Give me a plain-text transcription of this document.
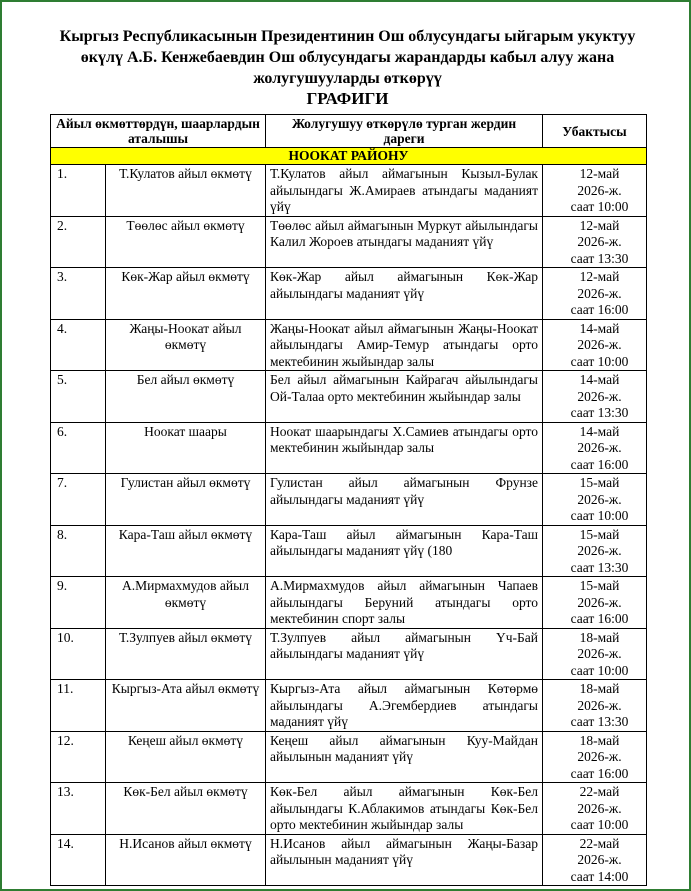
Кыргыз Республикасынын Президентинин Ош облусундагы ыйгарым укуктуу
өкүлү А.Б. Кенжебаевдин Ош облусундагы жарандарды кабыл алуу жана
жолугушууларды өткөрүү
ГРАФИГИ
Айыл өкмөттөрдүн, шаарлардын аталышы		Жолугушуу өткөрүлө турган жердин дареги	Убактысы
НООКАТ РАЙОНУ			
1.	Т.Кулатов айыл өкмөтү	Т.Кулатов айыл аймагынын Кызыл-Булак айылындагы Ж.Амираев атындагы маданият үйү	12-май
2026-ж.
саат 10:00

2.	Төөлөс айыл өкмөтү	Төөлөс айыл аймагынын Муркут айылындагы Калил Жороев атындагы маданият үйү	12-май
2026-ж.
саат 13:30

3.	Көк-Жар айыл өкмөтү	Көк-Жар айыл аймагынын Көк-Жар айылындагы маданият үйү	12-май
2026-ж.
саат 16:00

4.	Жаңы-Ноокат айыл өкмөтү	Жаңы-Ноокат айыл аймагынын Жаңы-Ноокат айылындагы Амир-Темур атындагы орто мектебинин жыйындар залы	14-май
2026-ж.
саат 10:00

5.	Бел айыл өкмөтү	Бел айыл аймагынын Кайрагач айылындагы Ой-Талаа орто мектебинин жыйындар залы	14-май
2026-ж.
саат 13:30

6.	Ноокат шаары	Ноокат шаарындагы Х.Самиев атындагы орто мектебинин жыйындар залы	14-май
2026-ж.
саат 16:00

7.	Гулистан айыл өкмөтү	Гулистан айыл аймагынын Фрунзе айылындагы маданият үйү	15-май
2026-ж.
саат 10:00

8.	Кара-Таш айыл өкмөтү	Кара-Таш айыл аймагынын Кара-Таш айылындагы маданият үйү (180	15-май
2026-ж.
саат 13:30

9.	А.Мирмахмудов айыл өкмөтү	А.Мирмахмудов айыл аймагынын Чапаев айылындагы Беруний атындагы орто мектебинин спорт залы	15-май
2026-ж.
саат 16:00

10.	Т.Зулпуев айыл өкмөтү	Т.Зулпуев айыл аймагынын Үч-Бай айылындагы маданият үйү	18-май
2026-ж.
саат 10:00

11.	Кыргыз-Ата айыл өкмөтү	Кыргыз-Ата айыл аймагынын Көтөрмө айылындагы А.Эгембердиев атындагы маданият үйү	18-май
2026-ж.
саат 13:30

12.	Кеңеш айыл өкмөтү	Кеңеш айыл аймагынын Куу-Майдан айылынын маданият үйү	18-май
2026-ж.
саат 16:00

13.	Көк-Бел айыл өкмөтү	Көк-Бел айыл аймагынын Көк-Бел айылындагы К.Аблакимов атындагы Көк-Бел орто мектебинин жыйындар залы	22-май
2026-ж.
саат 10:00

14.	Н.Исанов айыл өкмөтү	Н.Исанов айыл аймагынын Жаңы-Базар айылынын маданият үйү	22-май
2026-ж.
саат 14:00
